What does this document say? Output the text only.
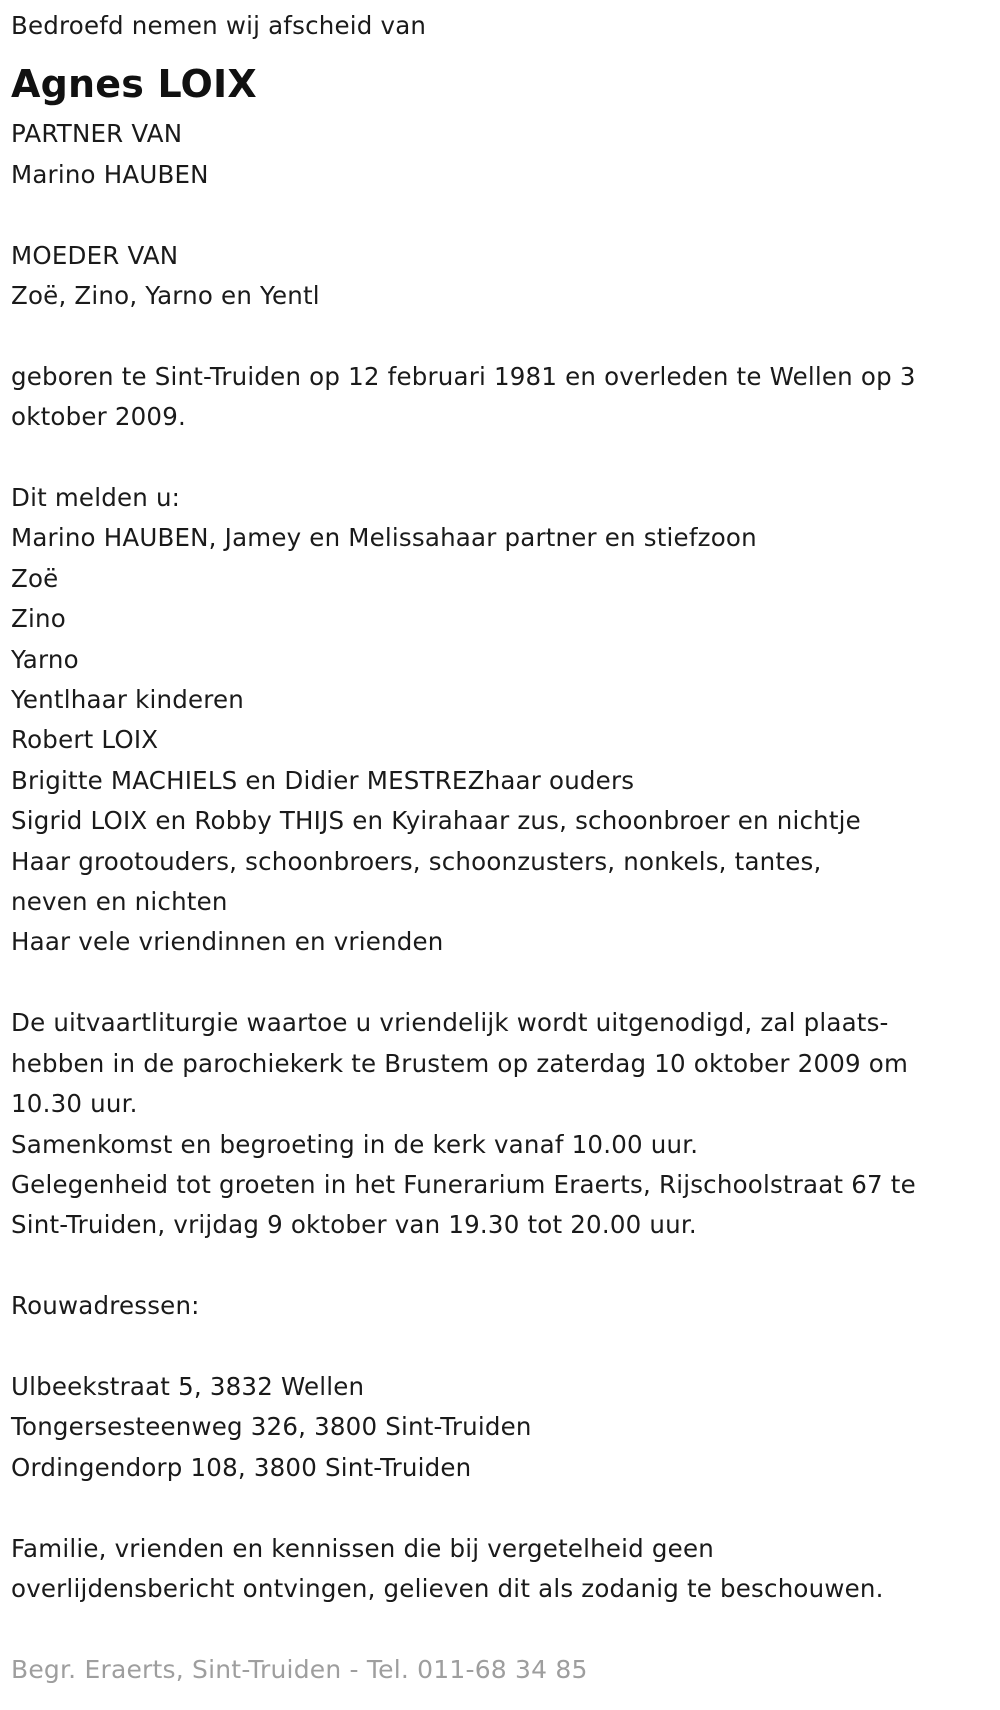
Bedroefd nemen wij afscheid van
Agnes LOIX
PARTNER VAN
Marino HAUBEN
MOEDER VAN
Zoë, Zino, Yarno en Yentl
geboren te Sint-Truiden op 12 februari 1981 en overleden te Wellen op 3
oktober 2009.
Dit melden u:
Marino HAUBEN, Jamey en Melissahaar partner en stiefzoon
Zoë
Zino
Yarno
Yentlhaar kinderen
Robert LOIX
Brigitte MACHIELS en Didier MESTREZhaar ouders
Sigrid LOIX en Robby THIJS en Kyirahaar zus, schoonbroer en nichtje
Haar grootouders, schoonbroers, schoonzusters, nonkels, tantes,
neven en nichten
Haar vele vriendinnen en vrienden
De uitvaartliturgie waartoe u vriendelijk wordt uitgenodigd, zal plaats-
hebben in de parochiekerk te Brustem op zaterdag 10 oktober 2009 om
10.30 uur.
Samenkomst en begroeting in de kerk vanaf 10.00 uur.
Gelegenheid tot groeten in het Funerarium Eraerts, Rijschoolstraat 67 te
Sint-Truiden, vrijdag 9 oktober van 19.30 tot 20.00 uur.
Rouwadressen:
Ulbeekstraat 5, 3832 Wellen
Tongersesteenweg 326, 3800 Sint-Truiden
Ordingendorp 108, 3800 Sint-Truiden
Familie, vrienden en kennissen die bij vergetelheid geen
overlijdensbericht ontvingen, gelieven dit als zodanig te beschouwen.
Begr. Eraerts, Sint-Truiden - Tel. 011-68 34 85
